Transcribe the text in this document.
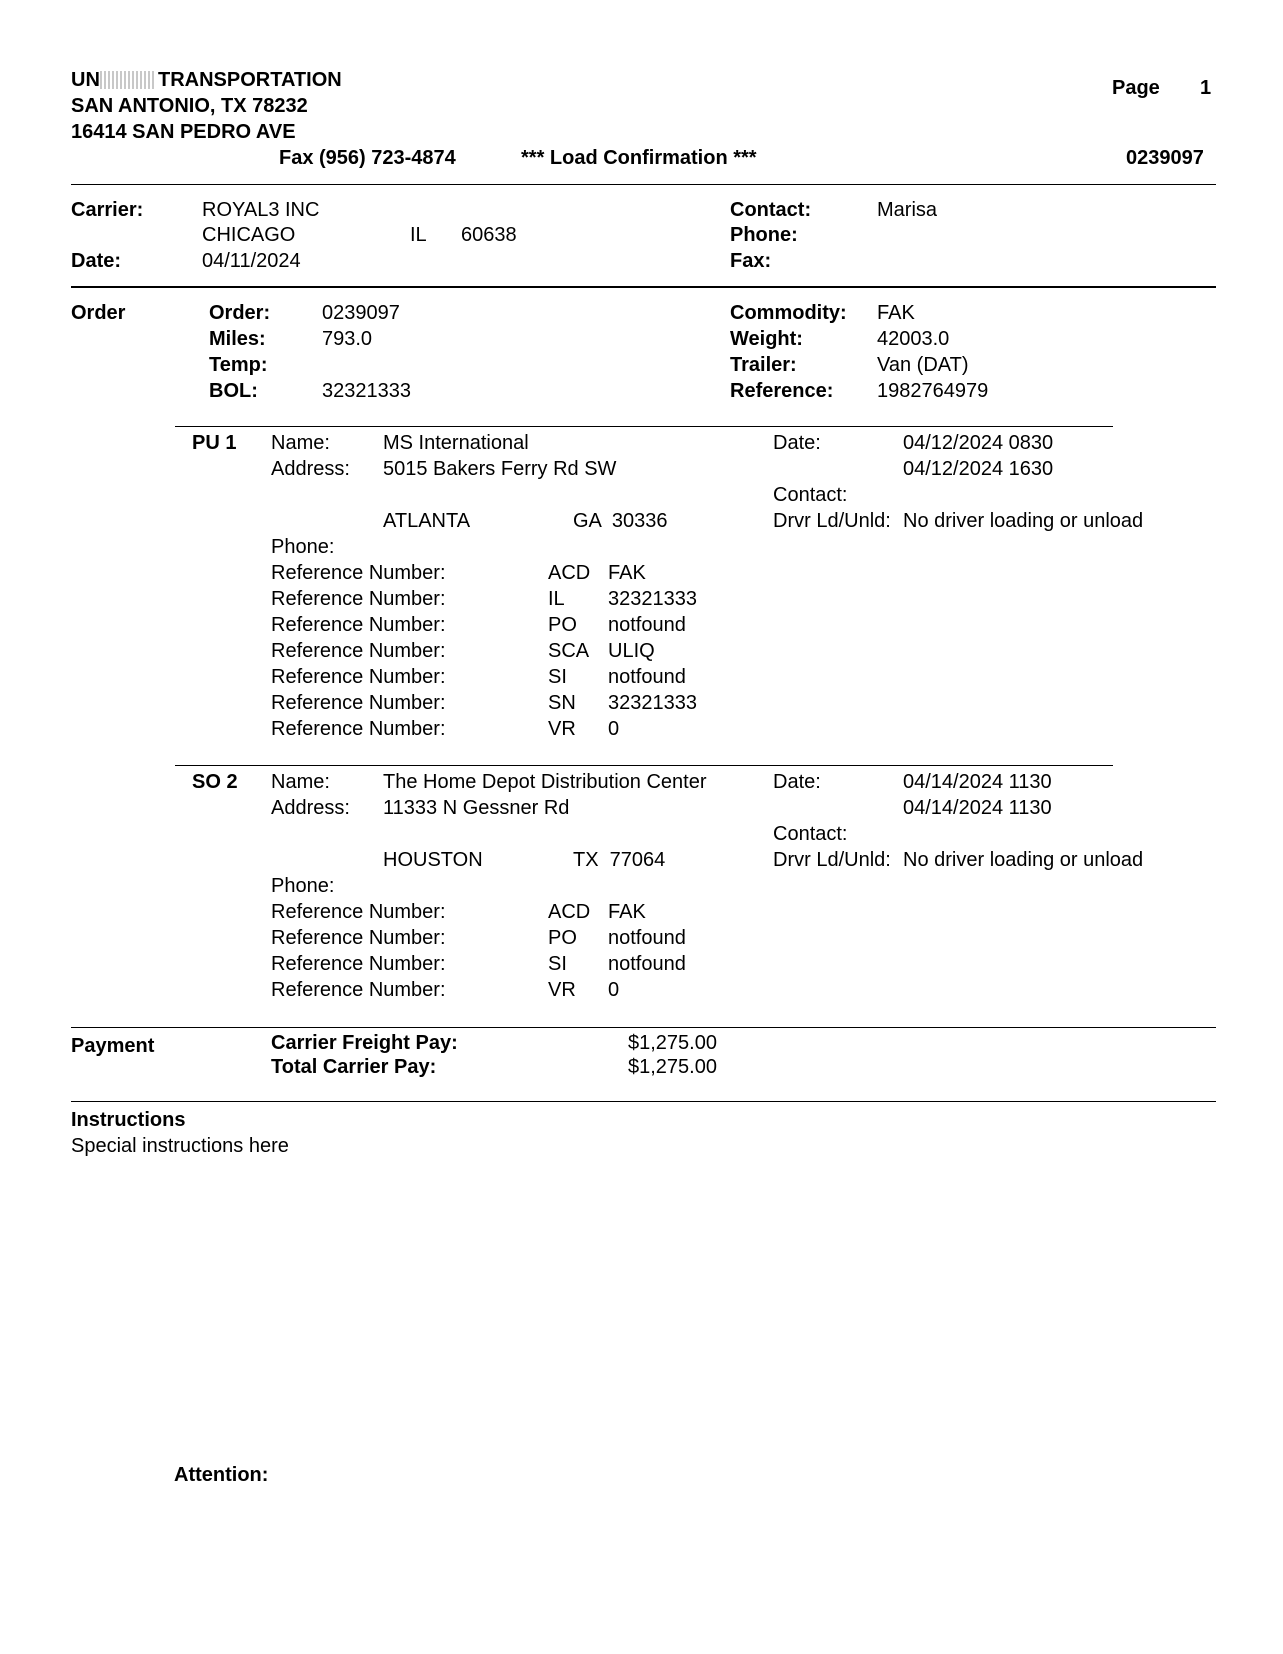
UN	TRANSPORTATION
SAN ANTONIO, TX 78232
16414 SAN PEDRO AVE
Fax (956) 723-4874	*** Load Confirmation ***
Page 1
0239097
Carrier:	ROYAL3 INC
CHICAGO	IL 60638
Date:	04/11/2024
Contact:	Marisa
Phone:
Fax:
Order	Order:	0239097
Miles:	793.0
Temp:
BOL:	32321333
Commodity: FAK
Weight:	42003.0
Trailer:	Van (DAT)
Reference: 1982764979
PU 1 Name:	MS International
Address: 5015 Bakers Ferry Rd SW
ATLANTA	GA  30336
Phone:
Date:	04/12/2024 0830
04/12/2024 1630
Contact:
Drvr Ld/Unld: No driver loading or unload
Reference Number:	ACD FAK
Reference Number:	IL 32321333
Reference Number:	PO notfound
Reference Number:	SCA ULIQ
Reference Number:	SI notfound
Reference Number:	SN 32321333
Reference Number:	VR 0
SO 2 Name:	The Home Depot Distribution Center
Address: 11333 N Gessner Rd
HOUSTON	TX  77064
Phone:
Date:	04/14/2024 1130
04/14/2024 1130
Contact:
Drvr Ld/Unld: No driver loading or unload
Reference Number:	ACD FAK
Reference Number:	PO notfound
Reference Number:	SI notfound
Reference Number:	VR 0
Payment	Carrier Freight Pay:	$1,275.00
Total Carrier Pay:	$1,275.00
Instructions
Special instructions here
Attention:
